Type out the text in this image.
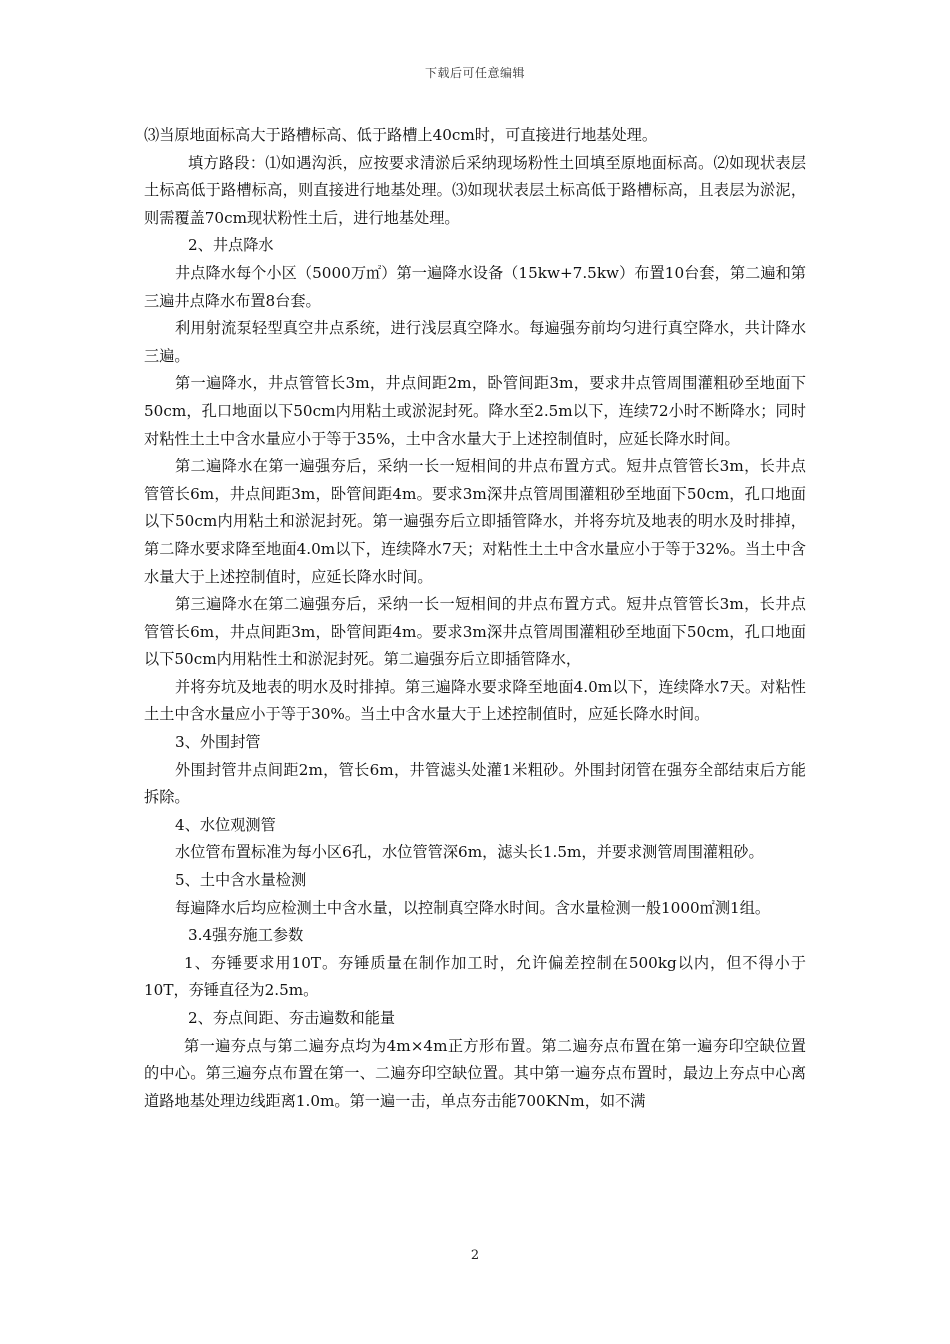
下载后可任意编辑

⑶当原地面标高大于路槽标高、低于路槽上40cm时，可直接进行地基处理。

填方路段：⑴如遇沟浜，应按要求清淤后采纳现场粉性土回填至原地面标高。⑵如现状表层土标高低于路槽标高，则直接进行地基处理。⑶如现状表层土标高低于路槽标高，且表层为淤泥，则需覆盖70cm现状粉性土后，进行地基处理。

2、井点降水

井点降水每个小区（5000万㎡）第一遍降水设备（15kw+7.5kw）布置10台套，第二遍和第三遍井点降水布置8台套。

利用射流泵轻型真空井点系统，进行浅层真空降水。每遍强夯前均匀进行真空降水，共计降水三遍。

第一遍降水，井点管管长3m，井点间距2m，卧管间距3m，要求井点管周围灌粗砂至地面下50cm，孔口地面以下50cm内用粘土或淤泥封死。降水至2.5m以下，连续72小时不断降水；同时对粘性土土中含水量应小于等于35%，土中含水量大于上述控制值时，应延长降水时间。

第二遍降水在第一遍强夯后，采纳一长一短相间的井点布置方式。短井点管管长3m，长井点管管长6m，井点间距3m，卧管间距4m。要求3m深井点管周围灌粗砂至地面下50cm，孔口地面以下50cm内用粘土和淤泥封死。第一遍强夯后立即插管降水，并将夯坑及地表的明水及时排掉，第二降水要求降至地面4.0m以下，连续降水7天；对粘性土土中含水量应小于等于32%。当土中含水量大于上述控制值时，应延长降水时间。

第三遍降水在第二遍强夯后，采纳一长一短相间的井点布置方式。短井点管管长3m，长井点管管长6m，井点间距3m，卧管间距4m。要求3m深井点管周围灌粗砂至地面下50cm，孔口地面以下50cm内用粘性土和淤泥封死。第二遍强夯后立即插管降水，

并将夯坑及地表的明水及时排掉。第三遍降水要求降至地面4.0m以下，连续降水7天。对粘性土土中含水量应小于等于30%。当土中含水量大于上述控制值时，应延长降水时间。

3、外围封管

外围封管井点间距2m，管长6m，井管滤头处灌1米粗砂。外围封闭管在强夯全部结束后方能拆除。

4、水位观测管

水位管布置标准为每小区6孔，水位管管深6m，滤头长1.5m，并要求测管周围灌粗砂。

5、土中含水量检测

每遍降水后均应检测土中含水量，以控制真空降水时间。含水量检测一般1000㎡测1组。

3.4强夯施工参数

1、夯锤要求用10T。夯锤质量在制作加工时，允许偏差控制在500kg以内，但不得小于10T，夯锤直径为2.5m。

2、夯点间距、夯击遍数和能量

第一遍夯点与第二遍夯点均为4m×4m正方形布置。第二遍夯点布置在第一遍夯印空缺位置的中心。第三遍夯点布置在第一、二遍夯印空缺位置。其中第一遍夯点布置时，最边上夯点中心离道路地基处理边线距离1.0m。第一遍一击，单点夯击能700KNm，如不满

2
